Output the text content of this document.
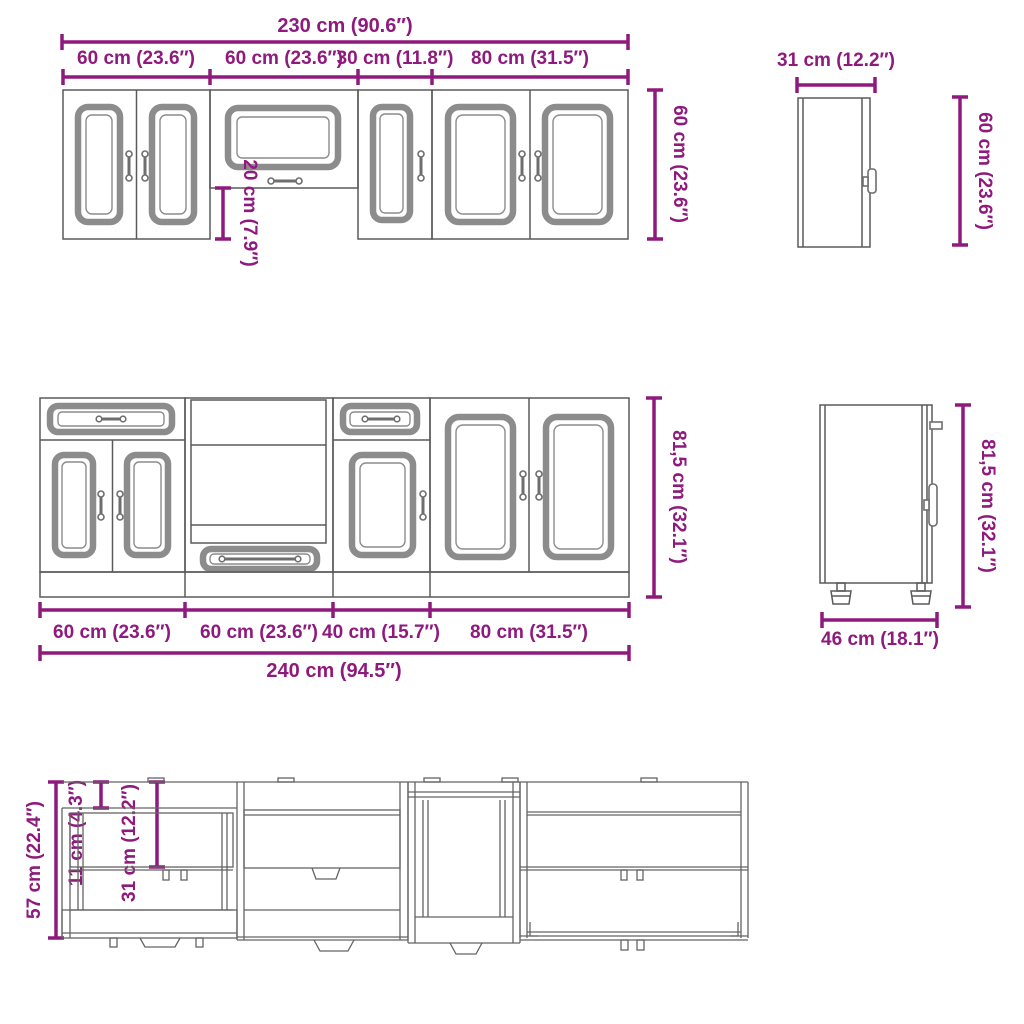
230 cm (90.6″)
60 cm (23.6″) 60 cm (23.6″)
30 cm (11.8″) 80 cm (31.5″)
20 cm (7.9″)	60 cm (23.6″)
31 cm (12.2″)
60 cm (23.6″)
81,5 cm (32.1″)
60 cm (23.6″) 60 cm (23.6″) 40 cm (15.7″) 80 cm (31.5″)
240 cm (94.5″)
81,5 cm (32.1″)
46 cm (18.1″)
57 cm (22.4″) 11 cm (4.3″) 31 cm (12.2″)
